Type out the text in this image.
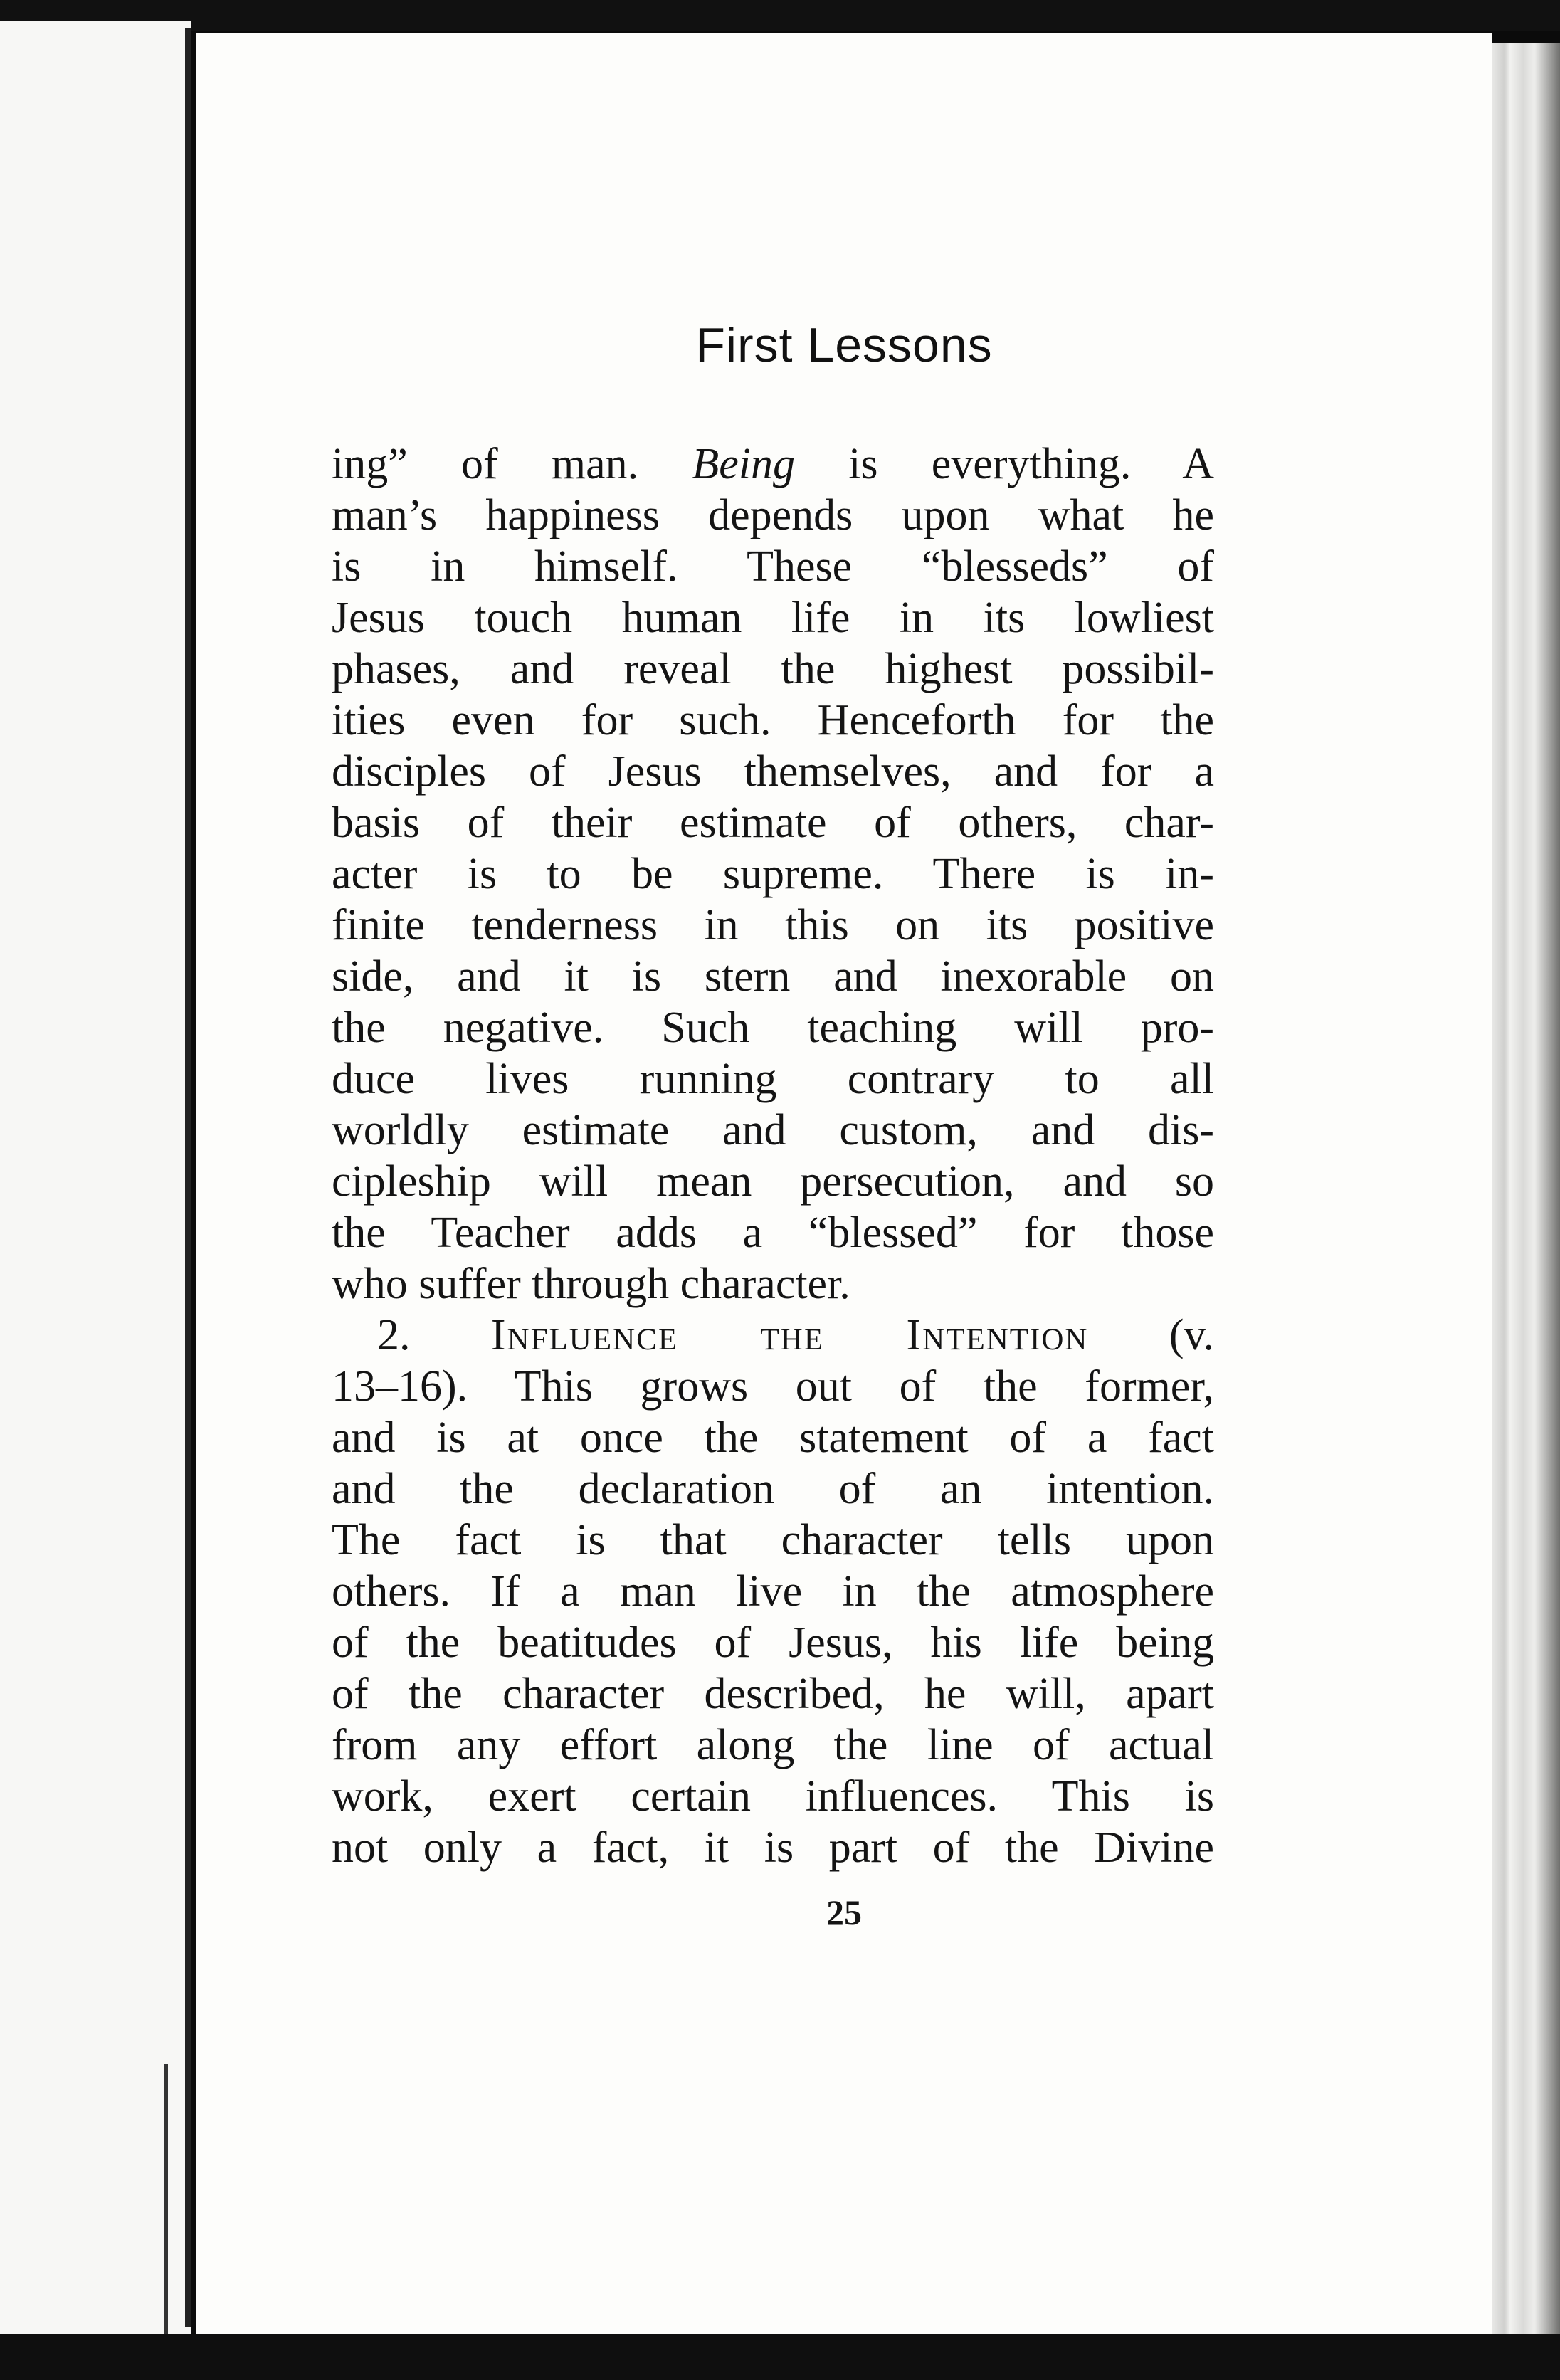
First Lessons
ing” of man. Being is everything. A
man’s happiness depends upon what he
is in himself. These “blesseds” of
Jesus touch human life in its lowliest
phases, and reveal the highest possibil-
ities even for such. Henceforth for the
disciples of Jesus themselves, and for a
basis of their estimate of others, char-
acter is to be supreme. There is in-
finite tenderness in this on its positive
side, and it is stern and inexorable on
the negative. Such teaching will pro-
duce lives running contrary to all
worldly estimate and custom, and dis-
cipleship will mean persecution, and so
the Teacher adds a “blessed” for those
who suffer through character.
2. Influence the Intention (v.
13–16). This grows out of the former,
and is at once the statement of a fact
and the declaration of an intention.
The fact is that character tells upon
others. If a man live in the atmosphere
of the beatitudes of Jesus, his life being
of the character described, he will, apart
from any effort along the line of actual
work, exert certain influences. This is
not only a fact, it is part of the Divine
25
